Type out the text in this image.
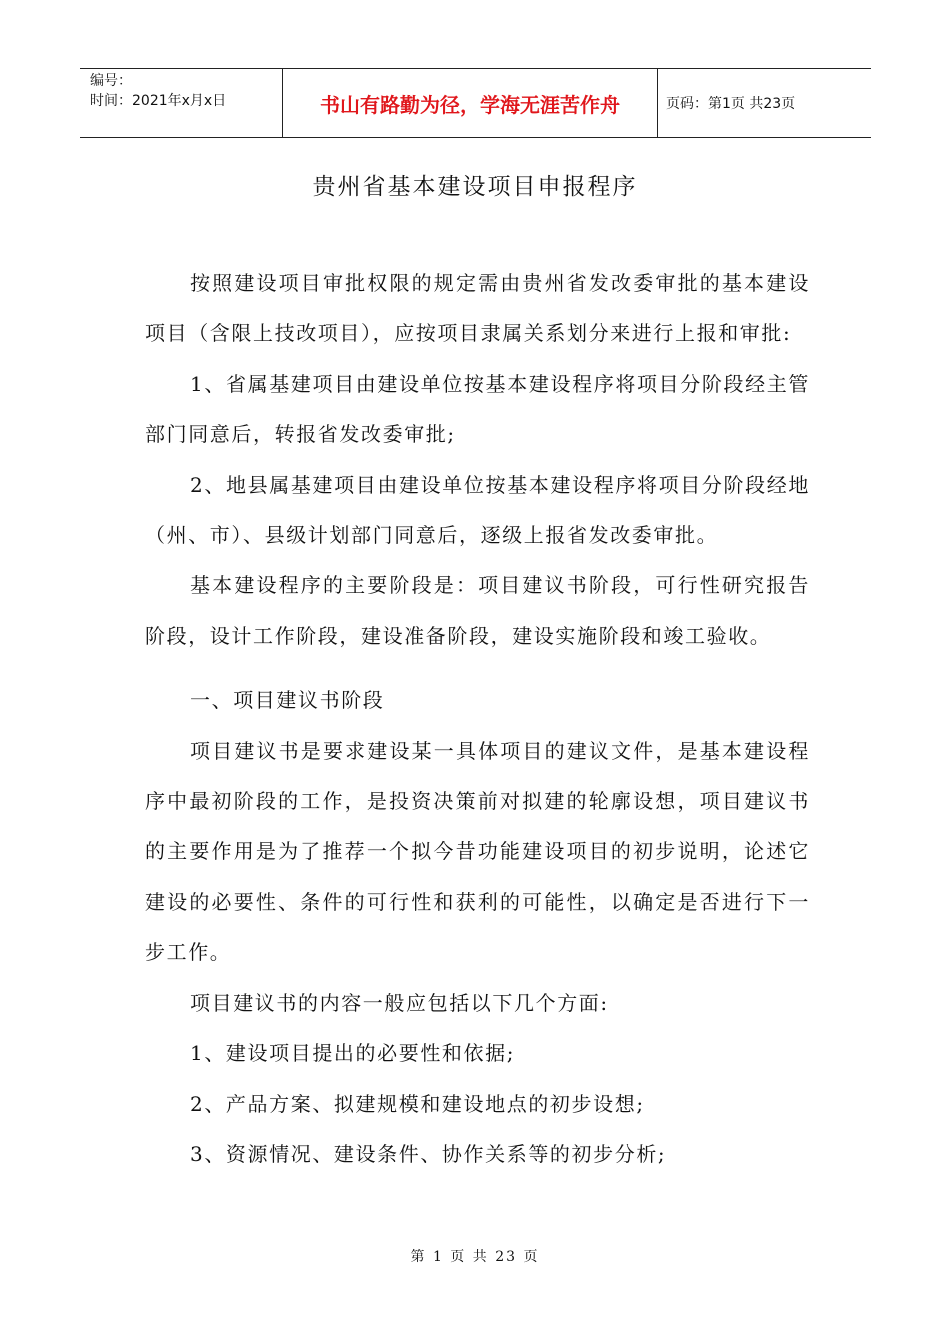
编号：
时间：2021年x月x日	书山有路勤为径，学海无涯苦作舟	页码：第1页 共23页
贵州省基本建设项目申报程序

按照建设项目审批权限的规定需由贵州省发改委审批的基本建设项目（含限上技改项目），应按项目隶属关系划分来进行上报和审批:

1、省属基建项目由建设单位按基本建设程序将项目分阶段经主管部门同意后，转报省发改委审批;

2、地县属基建项目由建设单位按基本建设程序将项目分阶段经地（州、市）、县级计划部门同意后，逐级上报省发改委审批。

基本建设程序的主要阶段是：项目建议书阶段，可行性研究报告阶段，设计工作阶段，建设准备阶段，建设实施阶段和竣工验收。

一、项目建议书阶段

项目建议书是要求建设某一具体项目的建议文件，是基本建设程序中最初阶段的工作，是投资决策前对拟建的轮廓设想，项目建议书的主要作用是为了推荐一个拟今昔功能建设项目的初步说明，论述它建设的必要性、条件的可行性和获利的可能性，以确定是否进行下一步工作。

项目建议书的内容一般应包括以下几个方面:

1、建设项目提出的必要性和依据;

2、产品方案、拟建规模和建设地点的初步设想;

3、资源情况、建设条件、协作关系等的初步分析;

第 1 页 共 23 页
